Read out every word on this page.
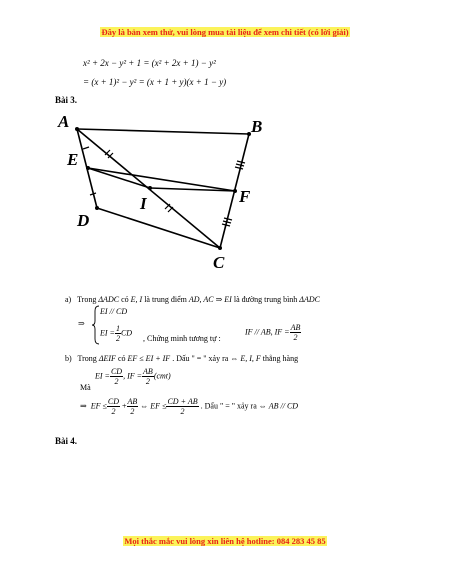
Đây là bản xem thử, vui lòng mua tài liệu để xem chi tiết (có lời giải)
x² + 2x − y² + 1 = (x² + 2x + 1) − y²
= (x + 1)² − y² = (x + 1 + y)(x + 1 − y)
Bài 3.
A	B
C
D
E
F
I
a) Trong ΔADC có E, I là trung điểm AD, AC ⇒ EI là đường trung bình ΔADC
⇒
EI // CD
EI = $\frac{1}{2}$ CD
, Chứng minh tương tự :
IF // AB, IF = $\frac{AB}{2}$
b) Trong ΔEIF có EF ≤ EI + IF . Dấu " = " xảy ra ⇔ E, I, F thẳng hàng
Mà
EI = $\frac{CD}{2}$ , IF = $\frac{AB}{2} (cmt)$
⇒ EF ≤ $\frac{CD}{2} + \frac{AB}{2}$ ⇔ EF ≤ $\frac{CD + AB}{2}$ . Dấu " = " xảy ra ⇔ AB // CD
Bài 4.
Mọi thắc mắc vui lòng xin liên hệ hotline: 084 283 45 85
